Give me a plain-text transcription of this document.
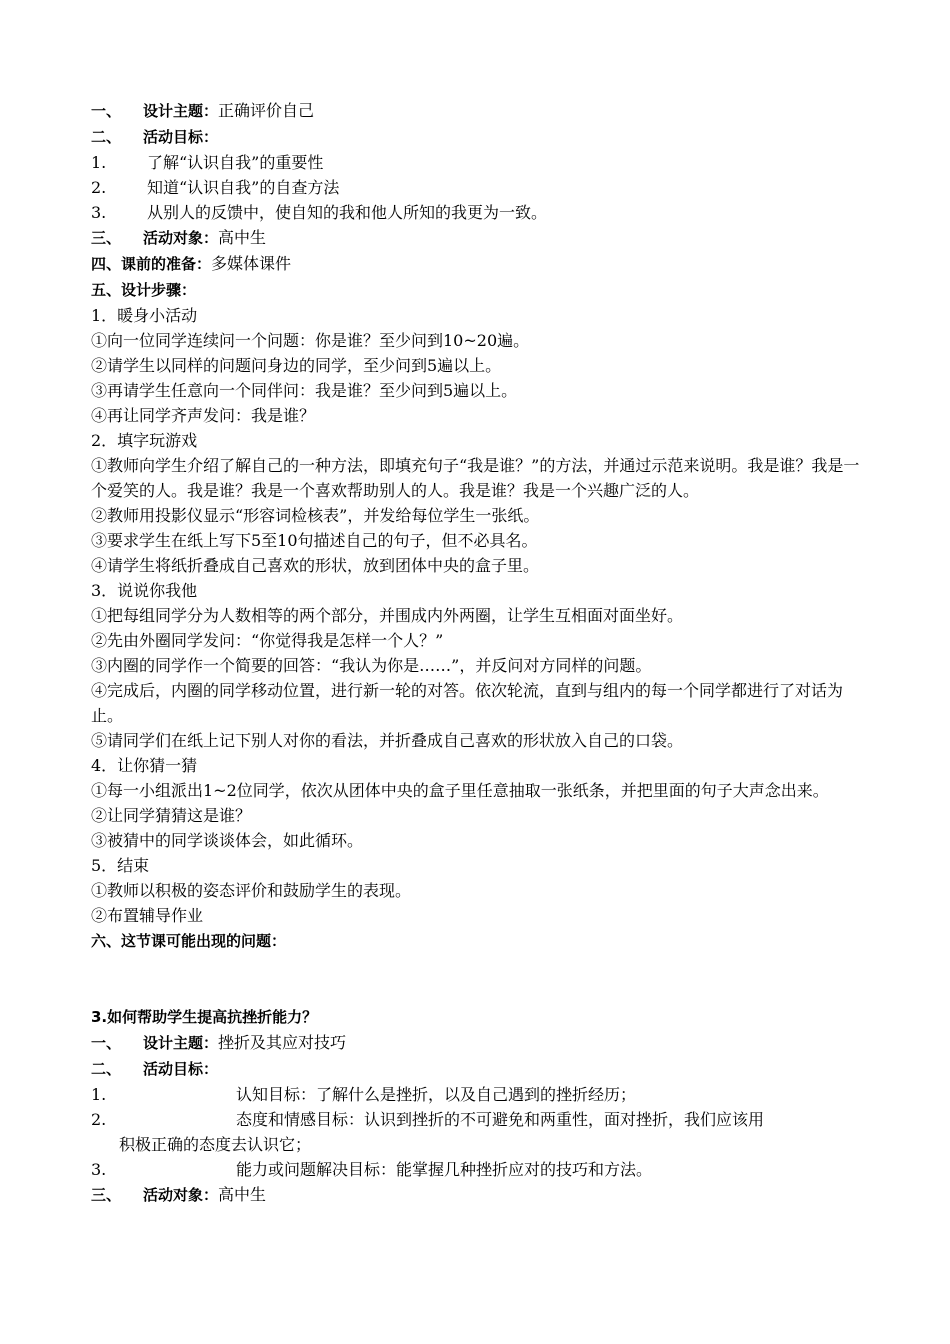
一、 设计主题：正确评价自己
二、 活动目标：
1.	了解“认识自我”的重要性
2.	知道“认识自我”的自查方法
3.	从别人的反馈中，使自知的我和他人所知的我更为一致。
三、 活动对象：高中生
四、课前的准备：多媒体课件
五、设计步骤：
1．暖身小活动
①向一位同学连续问一个问题：你是谁？至少问到10~20遍。
②请学生以同样的问题问身边的同学，至少问到5遍以上。
③再请学生任意向一个同伴问：我是谁？至少问到5遍以上。
④再让同学齐声发问：我是谁？
2．填字玩游戏
①教师向学生介绍了解自己的一种方法，即填充句子“我是谁？”的方法，并通过示范来说明。我是谁？我是一个爱笑的人。我是谁？我是一个喜欢帮助别人的人。我是谁？我是一个兴趣广泛的人。
②教师用投影仪显示“形容词检核表”，并发给每位学生一张纸。
③要求学生在纸上写下5至10句描述自己的句子，但不必具名。
④请学生将纸折叠成自己喜欢的形状，放到团体中央的盒子里。
3．说说你我他
①把每组同学分为人数相等的两个部分，并围成内外两圈，让学生互相面对面坐好。
②先由外圈同学发问：“你觉得我是怎样一个人？”
③内圈的同学作一个简要的回答：“我认为你是……”，并反问对方同样的问题。
④完成后，内圈的同学移动位置，进行新一轮的对答。依次轮流，直到与组内的每一个同学都进行了对话为止。
⑤请同学们在纸上记下别人对你的看法，并折叠成自己喜欢的形状放入自己的口袋。
4．让你猜一猜
①每一小组派出1~2位同学，依次从团体中央的盒子里任意抽取一张纸条，并把里面的句子大声念出来。
②让同学猜猜这是谁？
③被猜中的同学谈谈体会，如此循环。
5．结束
①教师以积极的姿态评价和鼓励学生的表现。
②布置辅导作业
六、这节课可能出现的问题：
3.如何帮助学生提高抗挫折能力？
一、 设计主题：挫折及其应对技巧
二、 活动目标：
1.	认知目标：了解什么是挫折，以及自己遇到的挫折经历；
2.	态度和情感目标：认识到挫折的不可避免和两重性，面对挫折，我们应该用
积极正确的态度去认识它；
3.	能力或问题解决目标：能掌握几种挫折应对的技巧和方法。
三、 活动对象：高中生
